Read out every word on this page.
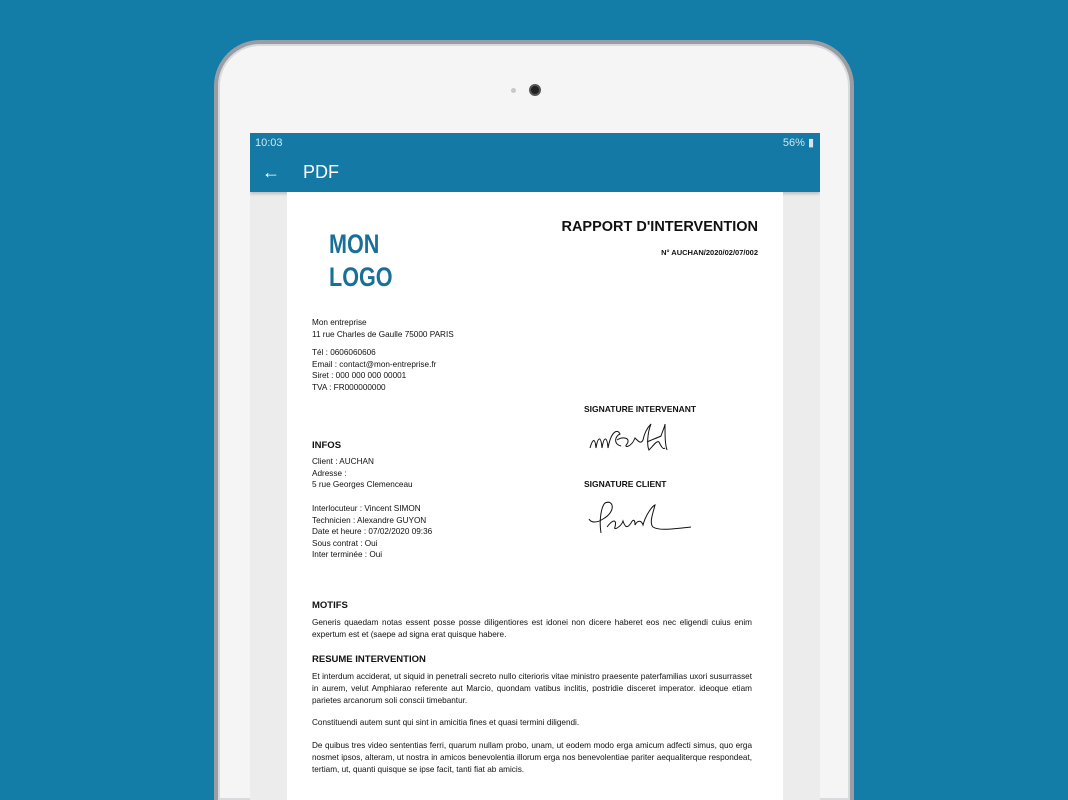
10:03	56% ▮
←	PDF
MON
LOGO
RAPPORT D'INTERVENTION
N° AUCHAN/2020/02/07/002
Mon entreprise
11 rue Charles de Gaulle 75000 PARIS
Tél : 0606060606
Email : contact@mon-entreprise.fr
Siret : 000 000 000 00001
TVA : FR000000000
SIGNATURE INTERVENANT
SIGNATURE CLIENT
INFOS
Client : AUCHAN
Adresse :
5 rue Georges Clemenceau
Interlocuteur : Vincent SIMON
Technicien : Alexandre GUYON
Date et heure : 07/02/2020 09:36
Sous contrat : Oui
Inter terminée : Oui
MOTIFS
Generis quaedam notas essent posse posse diligentiores est idonei non dicere haberet eos nec eligendi cuius enim expertum est et (saepe ad signa erat quisque habere.
RESUME INTERVENTION
Et interdum acciderat, ut siquid in penetrali secreto nullo citerioris vitae ministro praesente paterfamilias uxori susurrasset in aurem, velut Amphiarao referente aut Marcio, quondam vatibus inclitis, postridie disceret imperator. ideoque etiam parietes arcanorum soli conscii timebantur.
Constituendi autem sunt qui sint in amicitia fines et quasi termini diligendi.
De quibus tres video sententias ferri, quarum nullam probo, unam, ut eodem modo erga amicum adfecti simus, quo erga nosmet ipsos, alteram, ut nostra in amicos benevolentia illorum erga nos benevolentiae pariter aequaliterque respondeat, tertiam, ut, quanti quisque se ipse facit, tanti fiat ab amicis.
